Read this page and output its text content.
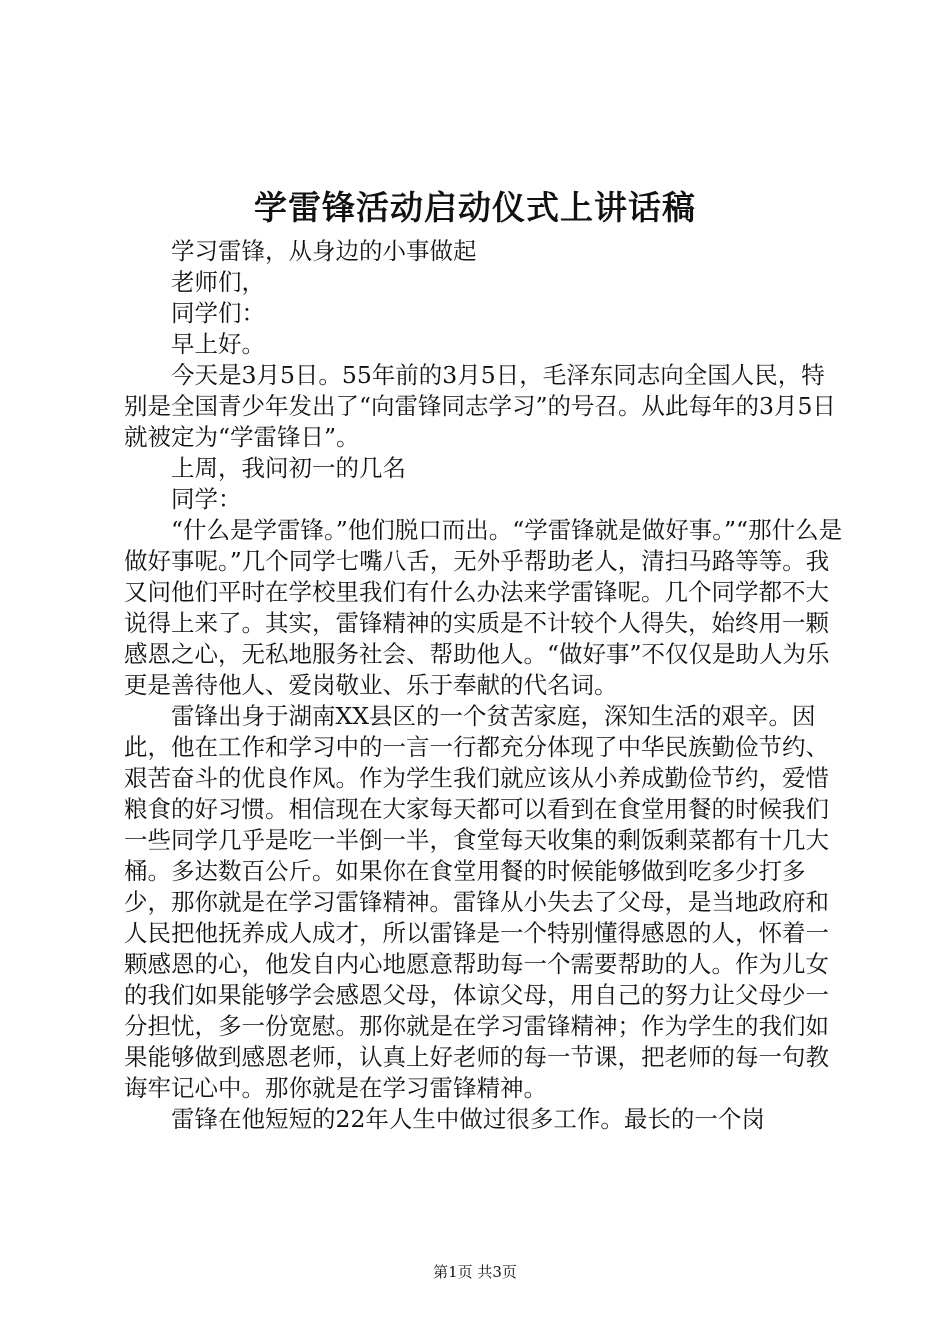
学雷锋活动启动仪式上讲话稿

学习雷锋，从身边的小事做起

老师们，

同学们：

早上好。

今天是3月5日。55年前的3月5日，毛泽东同志向全国人民，特别是全国青少年发出了“向雷锋同志学习”的号召。从此每年的3月5日就被定为“学雷锋日”。

上周，我问初一的几名

同学：

“什么是学雷锋。”他们脱口而出。“学雷锋就是做好事。”“那什么是做好事呢。”几个同学七嘴八舌，无外乎帮助老人，清扫马路等等。我又问他们平时在学校里我们有什么办法来学雷锋呢。几个同学都不大说得上来了。其实，雷锋精神的实质是不计较个人得失，始终用一颗感恩之心，无私地服务社会、帮助他人。“做好事”不仅仅是助人为乐更是善待他人、爱岗敬业、乐于奉献的代名词。

雷锋出身于湖南XX县区的一个贫苦家庭，深知生活的艰辛。因此，他在工作和学习中的一言一行都充分体现了中华民族勤俭节约、艰苦奋斗的优良作风。作为学生我们就应该从小养成勤俭节约，爱惜粮食的好习惯。相信现在大家每天都可以看到在食堂用餐的时候我们一些同学几乎是吃一半倒一半，食堂每天收集的剩饭剩菜都有十几大桶。多达数百公斤。如果你在食堂用餐的时候能够做到吃多少打多少，那你就是在学习雷锋精神。雷锋从小失去了父母，是当地政府和人民把他抚养成人成才，所以雷锋是一个特别懂得感恩的人，怀着一颗感恩的心，他发自内心地愿意帮助每一个需要帮助的人。作为儿女的我们如果能够学会感恩父母，体谅父母，用自己的努力让父母少一分担忧，多一份宽慰。那你就是在学习雷锋精神；作为学生的我们如果能够做到感恩老师，认真上好老师的每一节课，把老师的每一句教诲牢记心中。那你就是在学习雷锋精神。

雷锋在他短短的22年人生中做过很多工作。最长的一个岗

第1页 共3页
